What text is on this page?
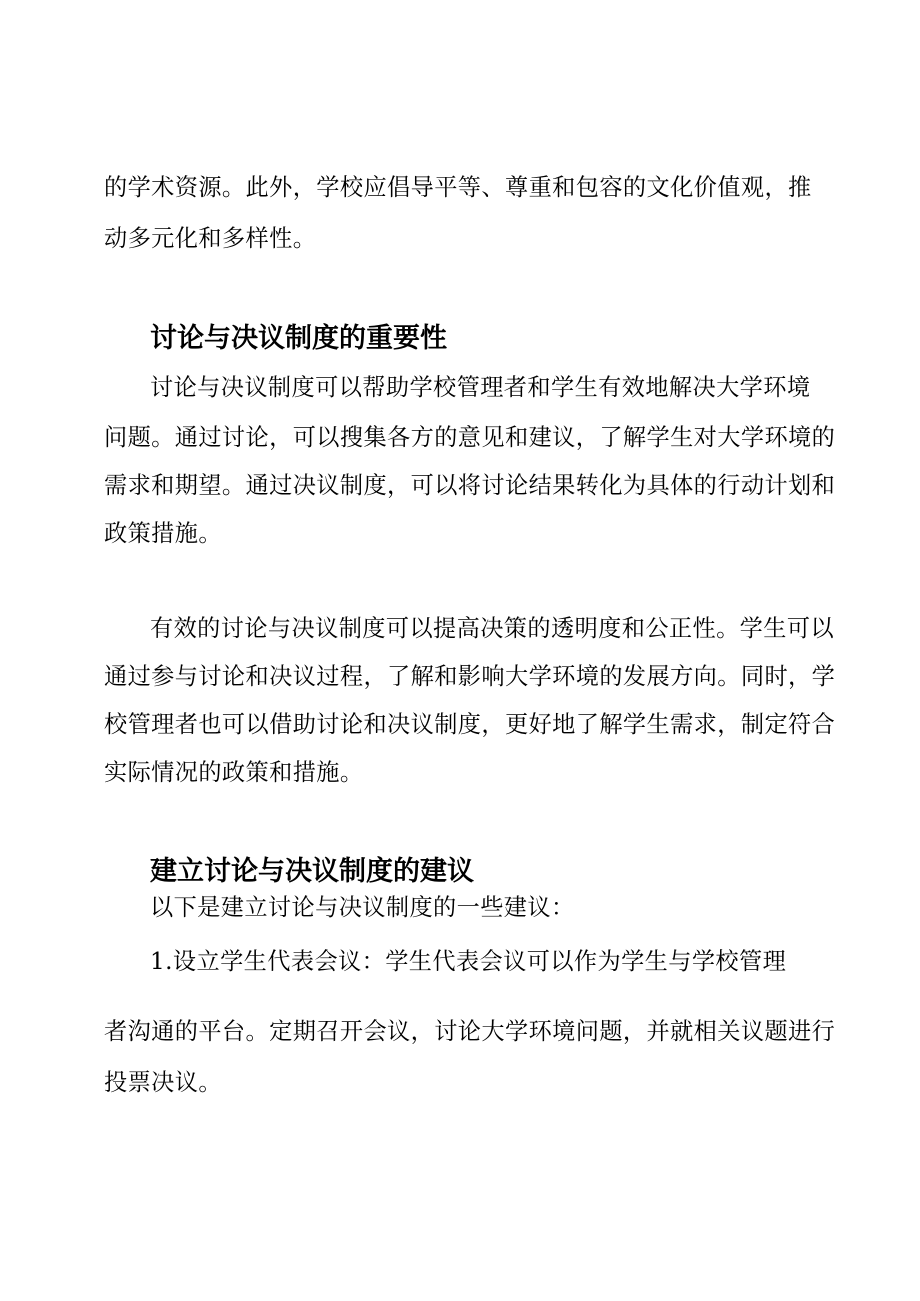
的学术资源。此外，学校应倡导平等、尊重和包容的文化价值观，推
动多元化和多样性。
讨论与决议制度的重要性
讨论与决议制度可以帮助学校管理者和学生有效地解决大学环境
问题。通过讨论，可以搜集各方的意见和建议，了解学生对大学环境的
需求和期望。通过决议制度，可以将讨论结果转化为具体的行动计划和
政策措施。
有效的讨论与决议制度可以提高决策的透明度和公正性。学生可以
通过参与讨论和决议过程，了解和影响大学环境的发展方向。同时，学
校管理者也可以借助讨论和决议制度，更好地了解学生需求，制定符合
实际情况的政策和措施。
建立讨论与决议制度的建议
以下是建立讨论与决议制度的一些建议：
1.设立学生代表会议：学生代表会议可以作为学生与学校管理
者沟通的平台。定期召开会议，讨论大学环境问题，并就相关议题进行
投票决议。
